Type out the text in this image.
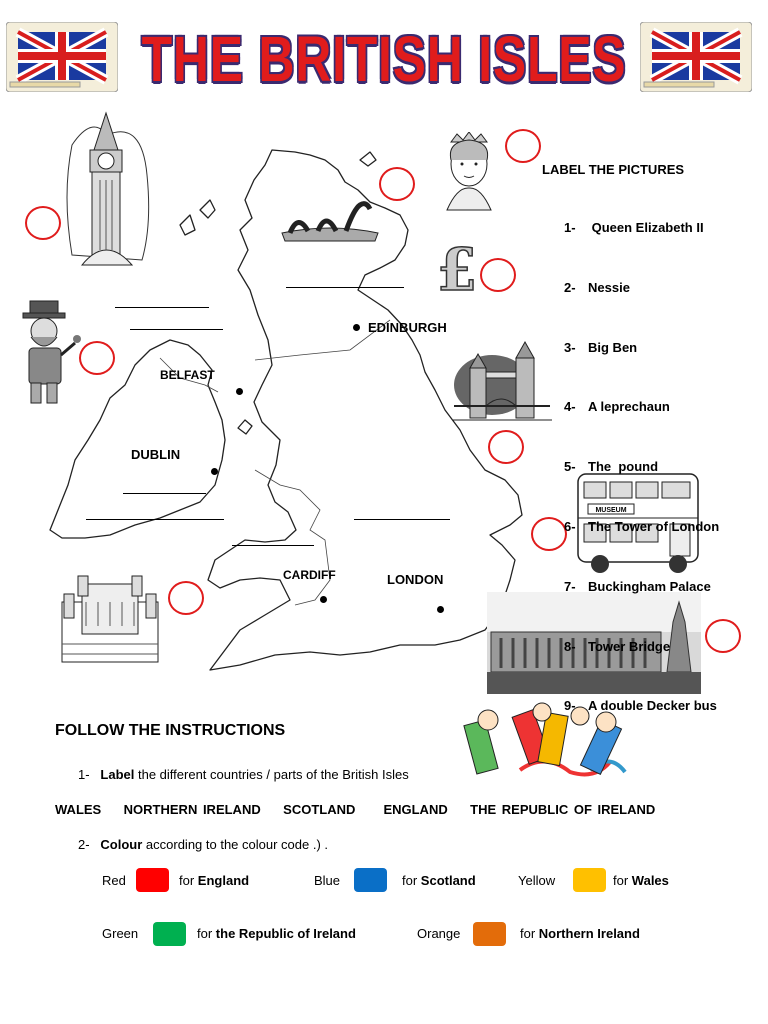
THE BRITISH ISLES
EDINBURGH
BELFAST
DUBLIN
CARDIFF	LONDON
£
MUSEUM
LABEL THE PICTURES

1- Queen Elizabeth II

2- Nessie

3- Big Ben

4- A leprechaun

5- The  pound

6- The Tower of London

7- Buckingham Palace

8- Tower Bridge

9- A double Decker bus

FOLLOW THE INSTRUCTIONS
1- Label the different countries / parts of the British Isles
WALES    NORTHERN IRELAND    SCOTLAND     ENGLAND    THE REPUBLIC OF IRELAND
2- Colour according to the colour code .) .
Red	for England	Blue	for Scotland	Yellow	for Wales
Green	for the Republic of Ireland	Orange	for Northern Ireland
